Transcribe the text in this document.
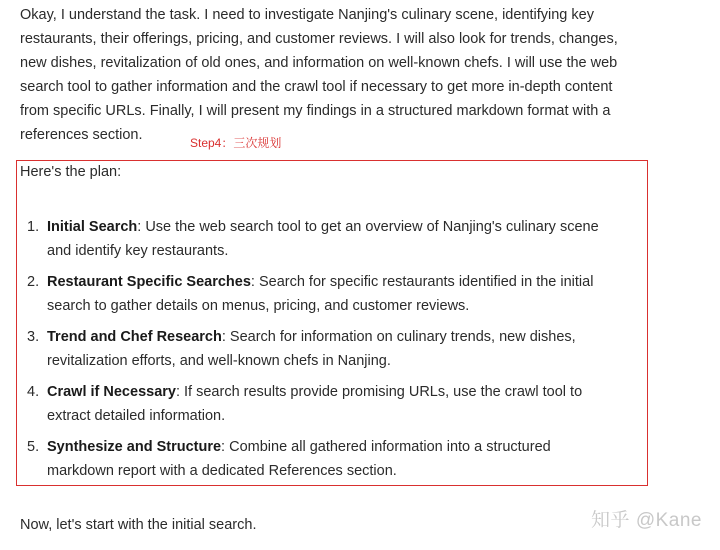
Okay, I understand the task. I need to investigate Nanjing's culinary scene, identifying key restaurants, their offerings, pricing, and customer reviews. I will also look for trends, changes, new dishes, revitalization of old ones, and information on well-known chefs. I will use the web search tool to gather information and the crawl tool if necessary to get more in-depth content from specific URLs. Finally, I will present my findings in a structured markdown format with a references section.	Step4：三次规划

Here's the plan:

1. Initial Search: Use the web search tool to get an overview of Nanjing's culinary scene and identify key restaurants.
2. Restaurant Specific Searches: Search for specific restaurants identified in the initial search to gather details on menus, pricing, and customer reviews.
3. Trend and Chef Research: Search for information on culinary trends, new dishes, revitalization efforts, and well-known chefs in Nanjing.
4. Crawl if Necessary: If search results provide promising URLs, use the crawl tool to extract detailed information.
5. Synthesize and Structure: Combine all gathered information into a structured markdown report with a dedicated References section.

Now, let's start with the initial search.	知乎 @Kane
